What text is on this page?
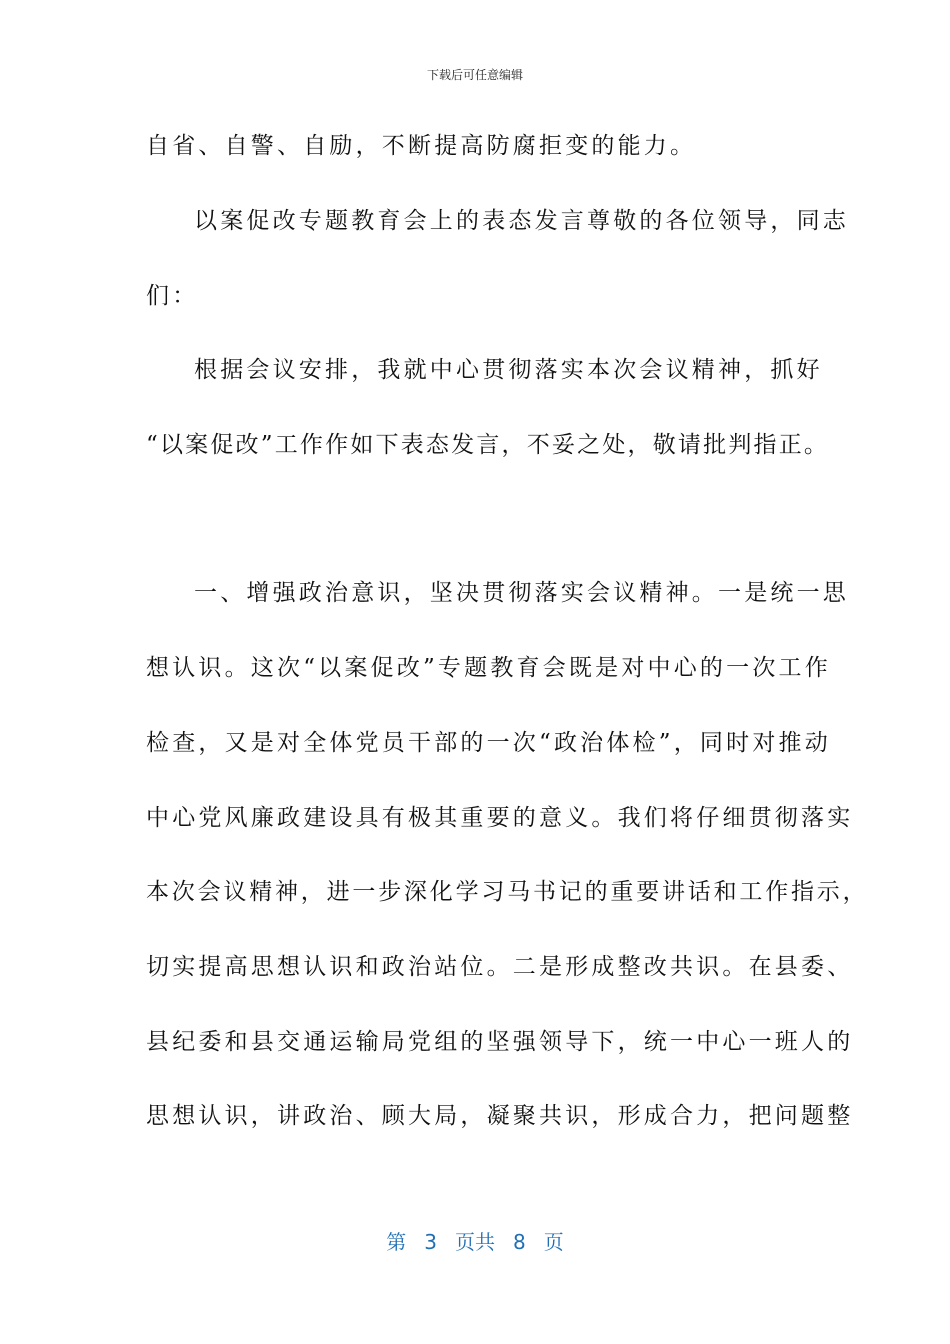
下载后可任意编辑
自省、自警、自励，不断提高防腐拒变的能力。
以案促改专题教育会上的表态发言尊敬的各位领导，同志
们：
根据会议安排，我就中心贯彻落实本次会议精神，抓好
“以案促改”工作作如下表态发言，不妥之处，敬请批判指正。
一、增强政治意识，坚决贯彻落实会议精神。一是统一思
想认识。这次“以案促改”专题教育会既是对中心的一次工作
检查，又是对全体党员干部的一次“政治体检”，同时对推动
中心党风廉政建设具有极其重要的意义。我们将仔细贯彻落实
本次会议精神，进一步深化学习马书记的重要讲话和工作指示，
切实提高思想认识和政治站位。二是形成整改共识。在县委、
县纪委和县交通运输局党组的坚强领导下，统一中心一班人的
思想认识，讲政治、顾大局，凝聚共识，形成合力，把问题整
第 3 页共 8 页
